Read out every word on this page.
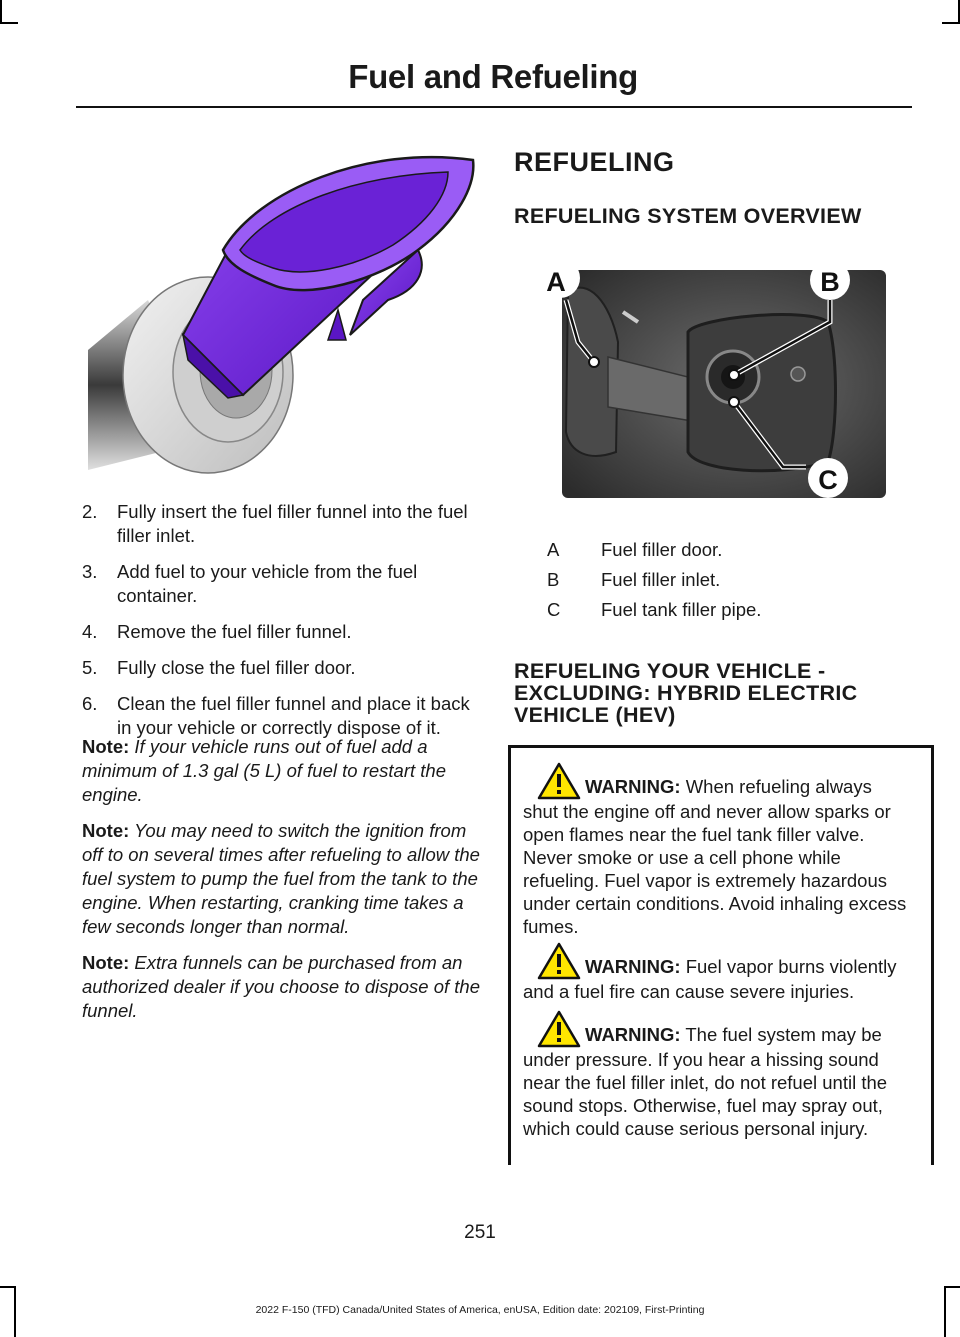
Fuel and Refueling
2. Fully insert the fuel filler funnel into the fuel filler inlet.
3. Add fuel to your vehicle from the fuel container.
4. Remove the fuel filler funnel.
5. Fully close the fuel filler door.
6. Clean the fuel filler funnel and place it back in your vehicle or correctly dispose of it.

Note: If your vehicle runs out of fuel add a minimum of 1.3 gal (5 L) of fuel to restart the engine.

Note: You may need to switch the ignition from off to on several times after refueling to allow the fuel system to pump the fuel from the tank to the engine. When restarting, cranking time takes a few seconds longer than normal.

Note: Extra funnels can be purchased from an authorized dealer if you choose to dispose of the funnel.

REFUELING
REFUELING SYSTEM OVERVIEW
A	B
C
A	Fuel filler door.
B	Fuel filler inlet.
C	Fuel tank filler pipe.
REFUELING YOUR VEHICLE - EXCLUDING: HYBRID ELECTRIC VEHICLE (HEV)

WARNING: When refueling always shut the engine off and never allow sparks or open flames near the fuel tank filler valve. Never smoke or use a cell phone while refueling. Fuel vapor is extremely hazardous under certain conditions. Avoid inhaling excess fumes.

WARNING: Fuel vapor burns violently and a fuel fire can cause severe injuries.

WARNING: The fuel system may be under pressure. If you hear a hissing sound near the fuel filler inlet, do not refuel until the sound stops. Otherwise, fuel may spray out, which could cause serious personal injury.

251
2022 F-150 (TFD) Canada/United States of America, enUSA, Edition date: 202109, First-Printing
